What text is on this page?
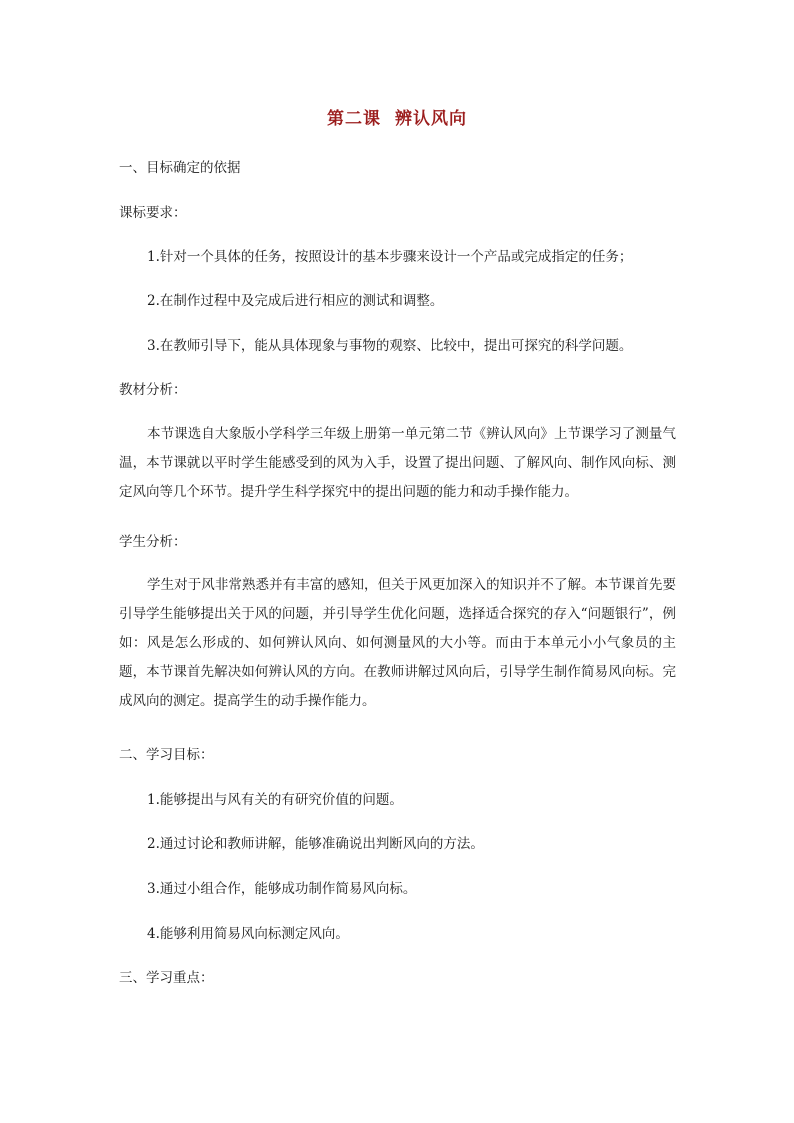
第二课 辨认风向
一、目标确定的依据
课标要求：
1.针对一个具体的任务，按照设计的基本步骤来设计一个产品或完成指定的任务；
2.在制作过程中及完成后进行相应的测试和调整。
3.在教师引导下，能从具体现象与事物的观察、比较中，提出可探究的科学问题。
教材分析：
本节课选自大象版小学科学三年级上册第一单元第二节《辨认风向》上节课学习了测量气温，本节课就以平时学生能感受到的风为入手，设置了提出问题、了解风向、制作风向标、测定风向等几个环节。提升学生科学探究中的提出问题的能力和动手操作能力。
学生分析：
学生对于风非常熟悉并有丰富的感知，但关于风更加深入的知识并不了解。本节课首先要引导学生能够提出关于风的问题，并引导学生优化问题，选择适合探究的存入“问题银行”，例如：风是怎么形成的、如何辨认风向、如何测量风的大小等。而由于本单元小小气象员的主题，本节课首先解决如何辨认风的方向。在教师讲解过风向后，引导学生制作简易风向标。完成风向的测定。提高学生的动手操作能力。
二、学习目标：
1.能够提出与风有关的有研究价值的问题。
2.通过讨论和教师讲解，能够准确说出判断风向的方法。
3.通过小组合作，能够成功制作简易风向标。
4.能够利用简易风向标测定风向。
三、学习重点：
